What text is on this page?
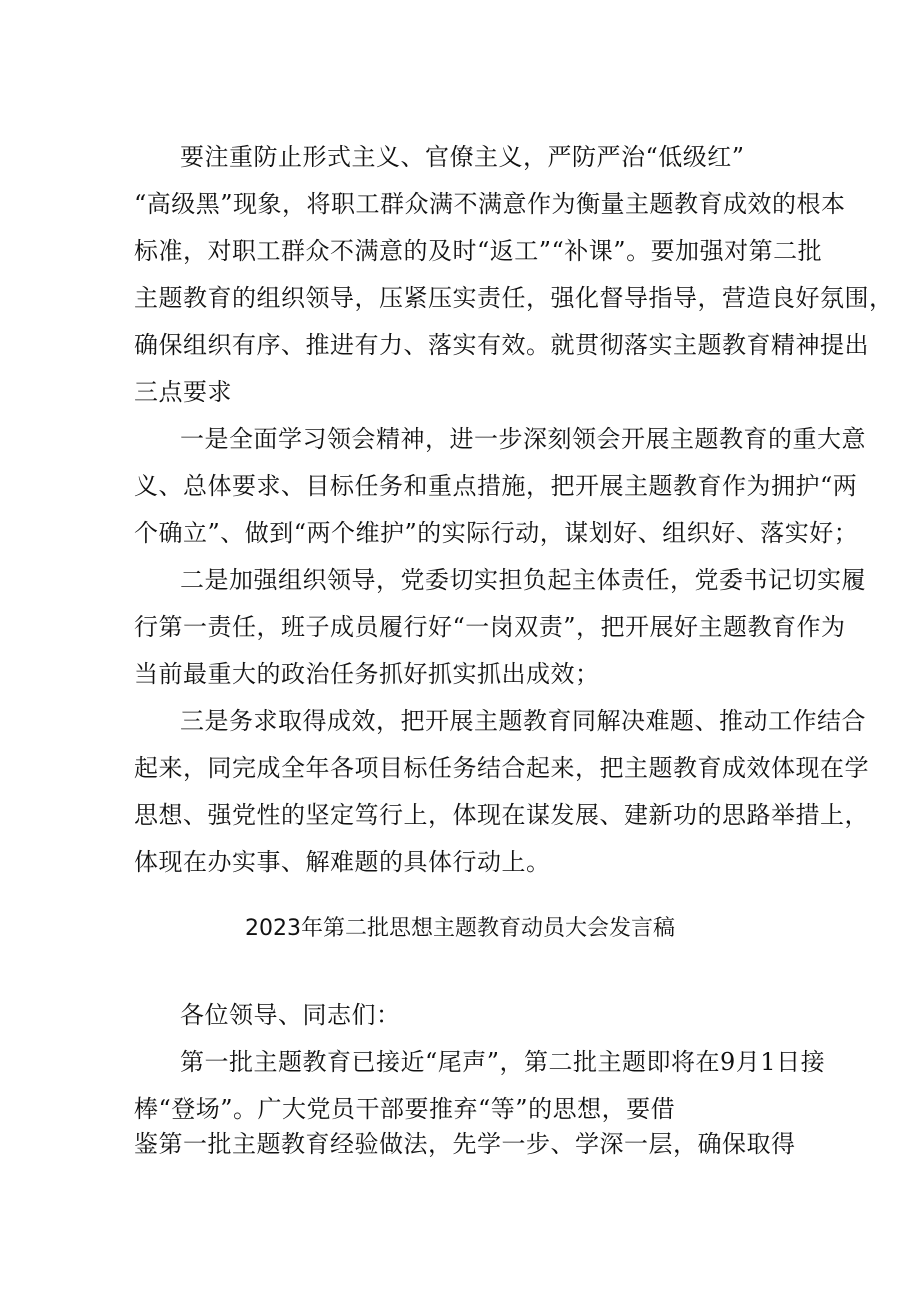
要注重防止形式主义、官僚主义，严防严治“低级红”
“高级黑”现象，将职工群众满不满意作为衡量主题教育成效的根本
标准，对职工群众不满意的及时“返工”“补课”。要加强对第二批
主题教育的组织领导，压紧压实责任，强化督导指导，营造良好氛围，
确保组织有序、推进有力、落实有效。就贯彻落实主题教育精神提出
三点要求
一是全面学习领会精神，进一步深刻领会开展主题教育的重大意
义、总体要求、目标任务和重点措施，把开展主题教育作为拥护“两
个确立”、做到“两个维护”的实际行动，谋划好、组织好、落实好；
二是加强组织领导，党委切实担负起主体责任，党委书记切实履
行第一责任，班子成员履行好“一岗双责”，把开展好主题教育作为
当前最重大的政治任务抓好抓实抓出成效；
三是务求取得成效，把开展主题教育同解决难题、推动工作结合
起来，同完成全年各项目标任务结合起来，把主题教育成效体现在学
思想、强党性的坚定笃行上，体现在谋发展、建新功的思路举措上，
体现在办实事、解难题的具体行动上。
2023年第二批思想主题教育动员大会发言稿
各位领导、同志们：
第一批主题教育已接近“尾声”，第二批主题即将在9月1日接
棒“登场”。广大党员干部要推弃“等”的思想，要借
鉴第一批主题教育经验做法，先学一步、学深一层，确保取得
